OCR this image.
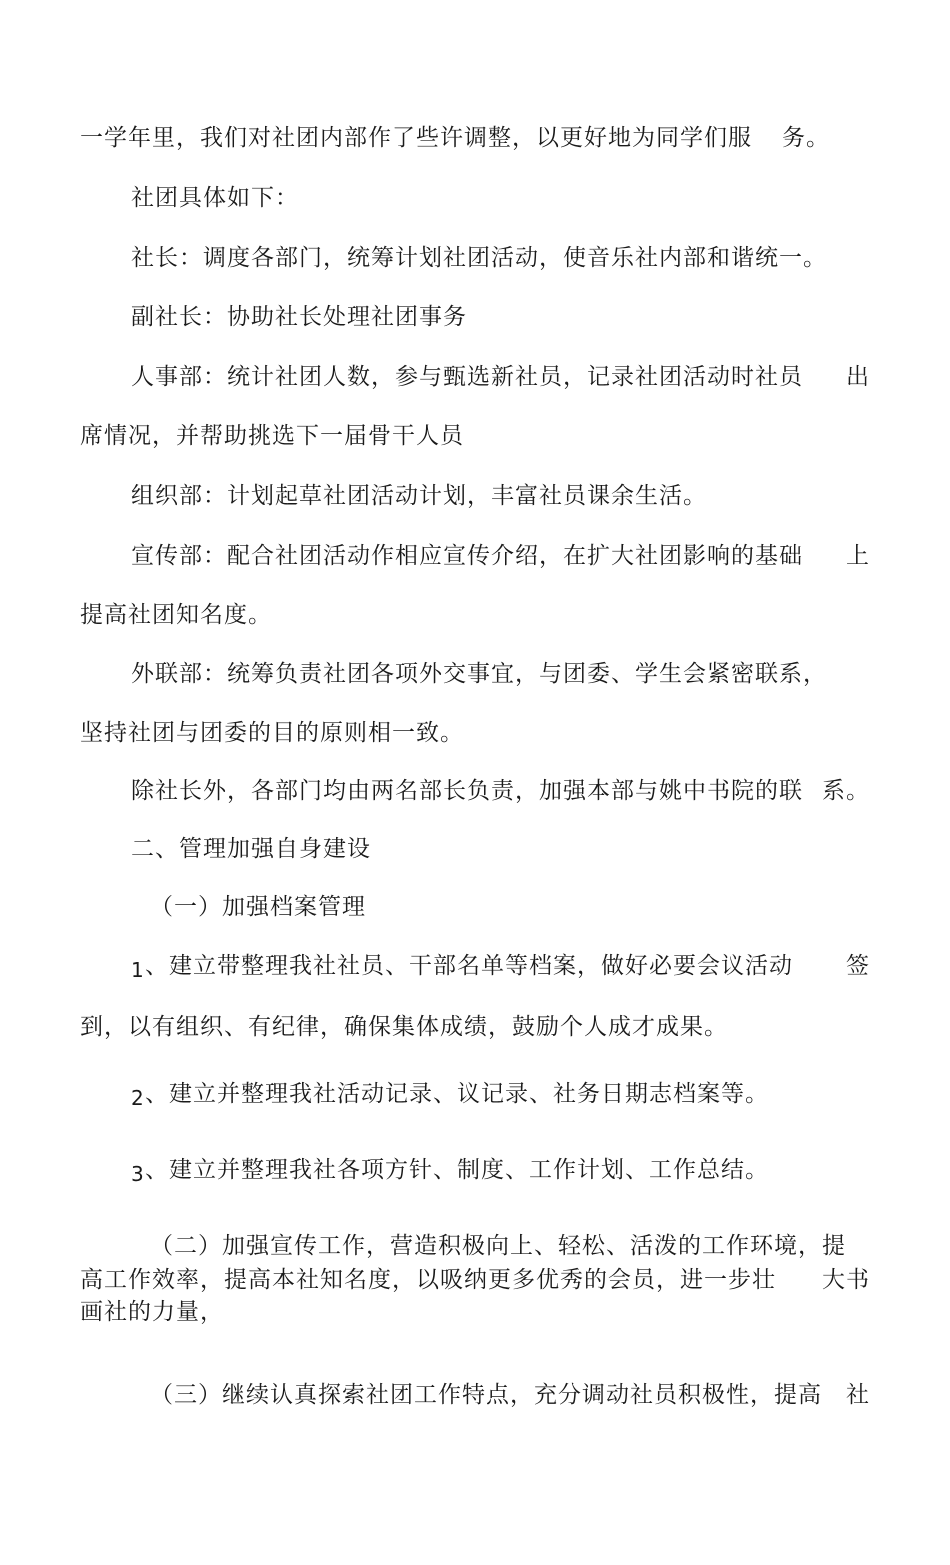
一学年里，我们对社团内部作了些许调整，以更好地为同学们服 务。
社团具体如下：
社长：调度各部门，统筹计划社团活动，使音乐社内部和谐统一。
副社长：协助社长处理社团事务
人事部：统计社团人数，参与甄选新社员，记录社团活动时社员 出
席情况，并帮助挑选下一届骨干人员
组织部：计划起草社团活动计划，丰富社员课余生活。
宣传部：配合社团活动作相应宣传介绍，在扩大社团影响的基础 上
提高社团知名度。
外联部：统筹负责社团各项外交事宜，与团委、学生会紧密联系，
坚持社团与团委的目的原则相一致。
除社长外，各部门均由两名部长负责，加强本部与姚中书院的联 系。
二、管理加强自身建设
（一）加强档案管理
1 、建立带整理我社社员、干部名单等档案，做好必要会议活动 签
到，以有组织、有纪律，确保集体成绩，鼓励个人成才成果。
2 、建立并整理我社活动记录、议记录、社务日期志档案等。
3 、建立并整理我社各项方针、制度、工作计划、工作总结。
（二）加强宣传工作，营造积极向上、轻松、活泼的工作环境，提
高工作效率，提高本社知名度，以吸纳更多优秀的会员，进一步壮 大书
画社的力量，
（三）继续认真探索社团工作特点，充分调动社员积极性，提高 社
